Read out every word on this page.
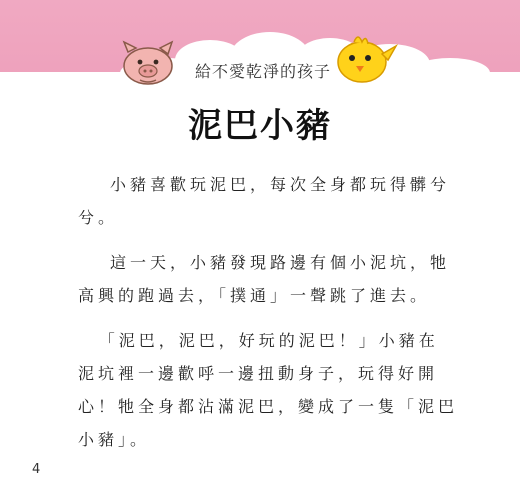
給不愛乾淨的孩子
泥巴小豬

小豬喜歡玩泥巴，每次全身都玩得髒兮兮。

這一天，小豬發現路邊有個小泥坑，牠高興的跑過去，「撲通」一聲跳了進去。

「泥巴，泥巴，好玩的泥巴！」小豬在泥坑裡一邊歡呼一邊扭動身子，玩得好開心！牠全身都沾滿泥巴，變成了一隻「泥巴小豬」。

4
